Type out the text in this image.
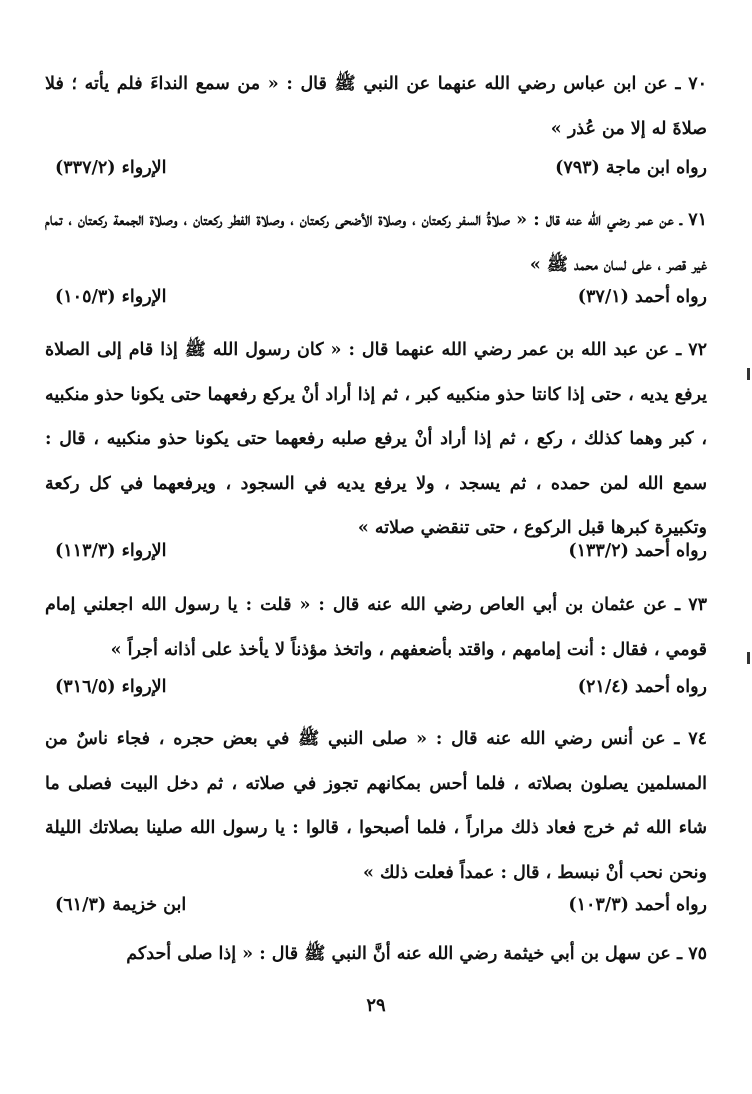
٧٠ ـ عن ابن عباس رضي الله عنهما عن النبي ﷺ قال : « من سمع النداءَ فلم يأته ؛ فلا صلاةَ له إلا من عُذر »
رواه ابن ماجة (٧٩٣)
الإرواء (٣٣٧/٢)
٧١ ـ عن عمر رضي الله عنه قال : « صلاةُ السفر ركعتان ، وصلاة الأضحى ركعتان ، وصلاة الفطر ركعتان ، وصلاة الجمعة ركعتان ، تمام غير قصر ، على لسان محمد ﷺ »
رواه أحمد (٣٧/١)
الإرواء (١٠٥/٣)
٧٢ ـ عن عبد الله بن عمر رضي الله عنهما قال : « كان رسول الله ﷺ إذا قام إلى الصلاة يرفع يديه ، حتى إذا كانتا حذو منكبيه كبر ، ثم إذا أراد أنْ يركع رفعهما حتى يكونا حذو منكبيه ، كبر وهما كذلك ، ركع ، ثم إذا أراد أنْ يرفع صلبه رفعهما حتى يكونا حذو منكبيه ، قال : سمع الله لمن حمده ، ثم يسجد ، ولا يرفع يديه في السجود ، ويرفعهما في كل ركعة وتكبيرة كبرها قبل الركوع ، حتى تنقضي صلاته »
رواه أحمد (١٣٣/٢)
الإرواء (١١٣/٣)
٧٣ ـ عن عثمان بن أبي العاص رضي الله عنه قال : « قلت : يا رسول الله اجعلني إمام قومي ، فقال : أنت إمامهم ، واقتد بأضعفهم ، واتخذ مؤذناً لا يأخذ على أذانه أجراً »
رواه أحمد (٢١/٤)
الإرواء (٣١٦/٥)
٧٤ ـ عن أنس رضي الله عنه قال : « صلى النبي ﷺ في بعض حجره ، فجاء ناسٌ من المسلمين يصلون بصلاته ، فلما أحس بمكانهم تجوز في صلاته ، ثم دخل البيت فصلى ما شاء الله ثم خرج فعاد ذلك مراراً ، فلما أصبحوا ، قالوا : يا رسول الله صلينا بصلاتك الليلة ونحن نحب أنْ نبسط ، قال : عمداً فعلت ذلك »
رواه أحمد (١٠٣/٣)
ابن خزيمة (٦١/٣)
٧٥ ـ عن سهل بن أبي خيثمة رضي الله عنه أنَّ النبي ﷺ قال : « إذا صلى أحدكم
٢٩
